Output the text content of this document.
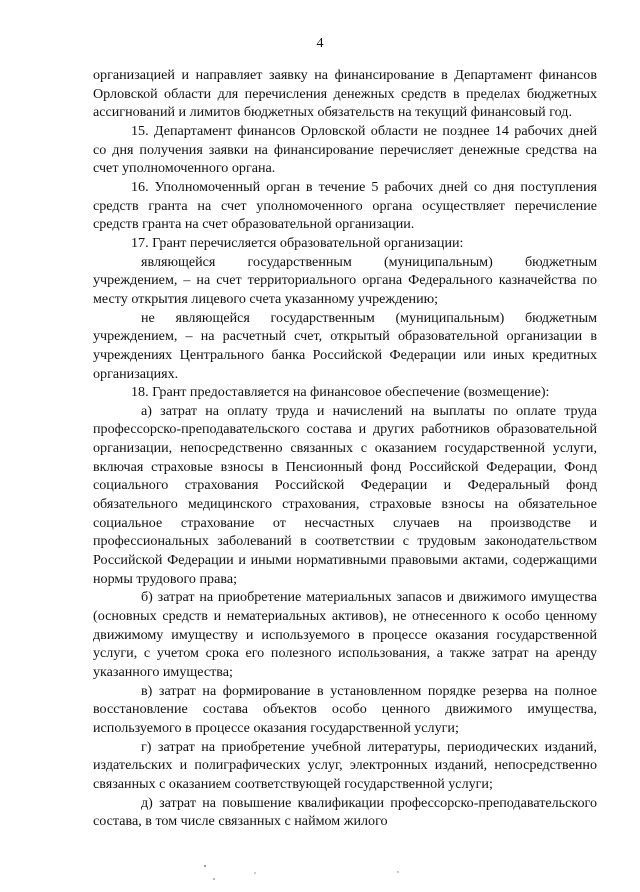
4

организацией и направляет заявку на финансирование в Департамент финансов Орловской области для перечисления денежных средств в пределах бюджетных ассигнований и лимитов бюджетных обязательств на текущий финансовый год.

15. Департамент финансов Орловской области не позднее 14 рабочих дней со дня получения заявки на финансирование перечисляет денежные средства на счет уполномоченного органа.

16. Уполномоченный орган в течение 5 рабочих дней со дня поступления средств гранта на счет уполномоченного органа осуществляет перечисление средств гранта на счет образовательной организации.

17. Грант перечисляется образовательной организации:

являющейся государственным (муниципальным) бюджетным учреждением, – на счет территориального органа Федерального казначейства по месту открытия лицевого счета указанному учреждению;

не являющейся государственным (муниципальным) бюджетным учреждением, – на расчетный счет, открытый образовательной организации в учреждениях Центрального банка Российской Федерации или иных кредитных организациях.

18. Грант предоставляется на финансовое обеспечение (возмещение):

а) затрат на оплату труда и начислений на выплаты по оплате труда профессорско-преподавательского состава и других работников образовательной организации, непосредственно связанных с оказанием государственной услуги, включая страховые взносы в Пенсионный фонд Российской Федерации, Фонд социального страхования Российской Федерации и Федеральный фонд обязательного медицинского страхования, страховые взносы на обязательное социальное страхование от несчастных случаев на производстве и профессиональных заболеваний в соответствии с трудовым законодательством Российской Федерации и иными нормативными правовыми актами, содержащими нормы трудового права;

б) затрат на приобретение материальных запасов и движимого имущества (основных средств и нематериальных активов), не отнесенного к особо ценному движимому имуществу и используемого в процессе оказания государственной услуги, с учетом срока его полезного использования, а также затрат на аренду указанного имущества;

в) затрат на формирование в установленном порядке резерва на полное восстановление состава объектов особо ценного движимого имущества, используемого в процессе оказания государственной услуги;

г) затрат на приобретение учебной литературы, периодических изданий, издательских и полиграфических услуг, электронных изданий, непосредственно связанных с оказанием соответствующей государственной услуги;

д) затрат на повышение квалификации профессорско-преподавательского состава, в том числе связанных с наймом жилого
